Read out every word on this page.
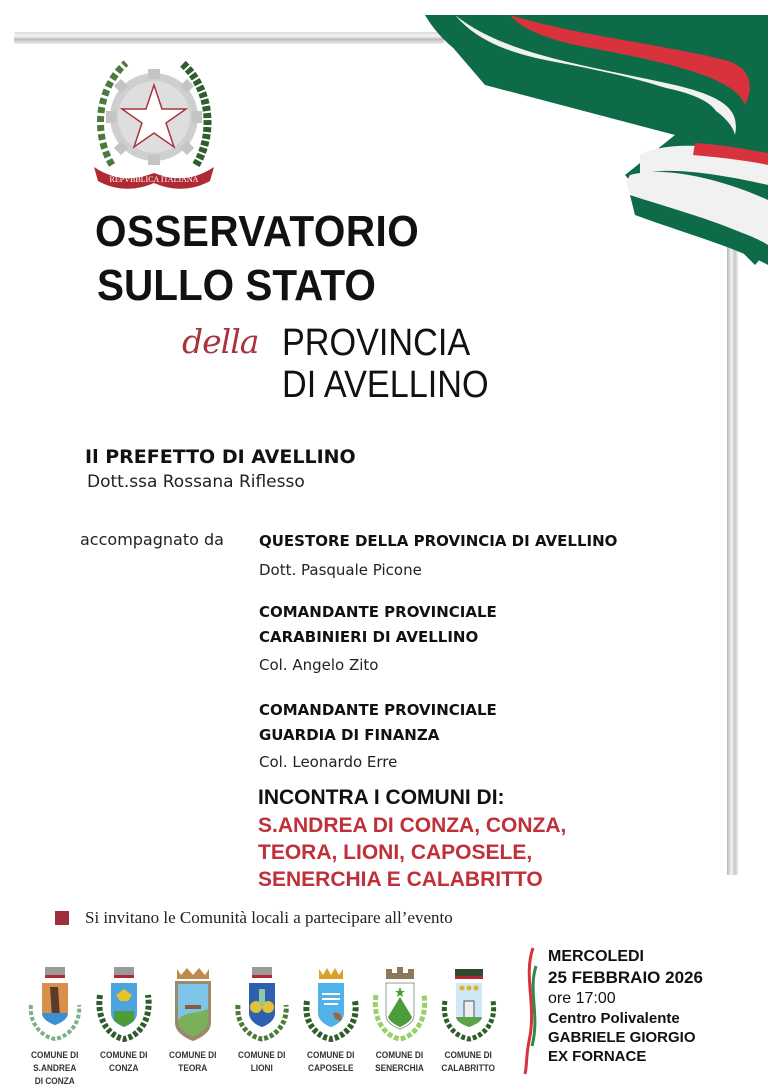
REPVBBLICA ITALIANA
OSSERVATORIO
SULLO STATO
della PROVINCIA
DI AVELLINO
Il PREFETTO DI AVELLINO
Dott.ssa Rossana Riflesso
accompagnato da QUESTORE DELLA PROVINCIA DI AVELLINO
Dott. Pasquale Picone
COMANDANTE PROVINCIALE
CARABINIERI DI AVELLINO
Col. Angelo Zito
COMANDANTE PROVINCIALE
GUARDIA DI FINANZA
Col. Leonardo Erre
INCONTRA I COMUNI DI:
S.ANDREA DI CONZA, CONZA,
TEORA, LIONI, CAPOSELE,
SENERCHIA E CALABRITTO
Si invitano le Comunità locali a partecipare all’evento
COMUNE DI
S.ANDREA
DI CONZA
COMUNE DI
CONZA
COMUNE DI
TEORA
COMUNE DI
LIONI
COMUNE DI
CAPOSELE
COMUNE DI
SENERCHIA
COMUNE DI
CALABRITTO
MERCOLEDI
25 FEBBRAIO 2026
ore 17:00
Centro Polivalente
GABRIELE GIORGIO
EX FORNACE
